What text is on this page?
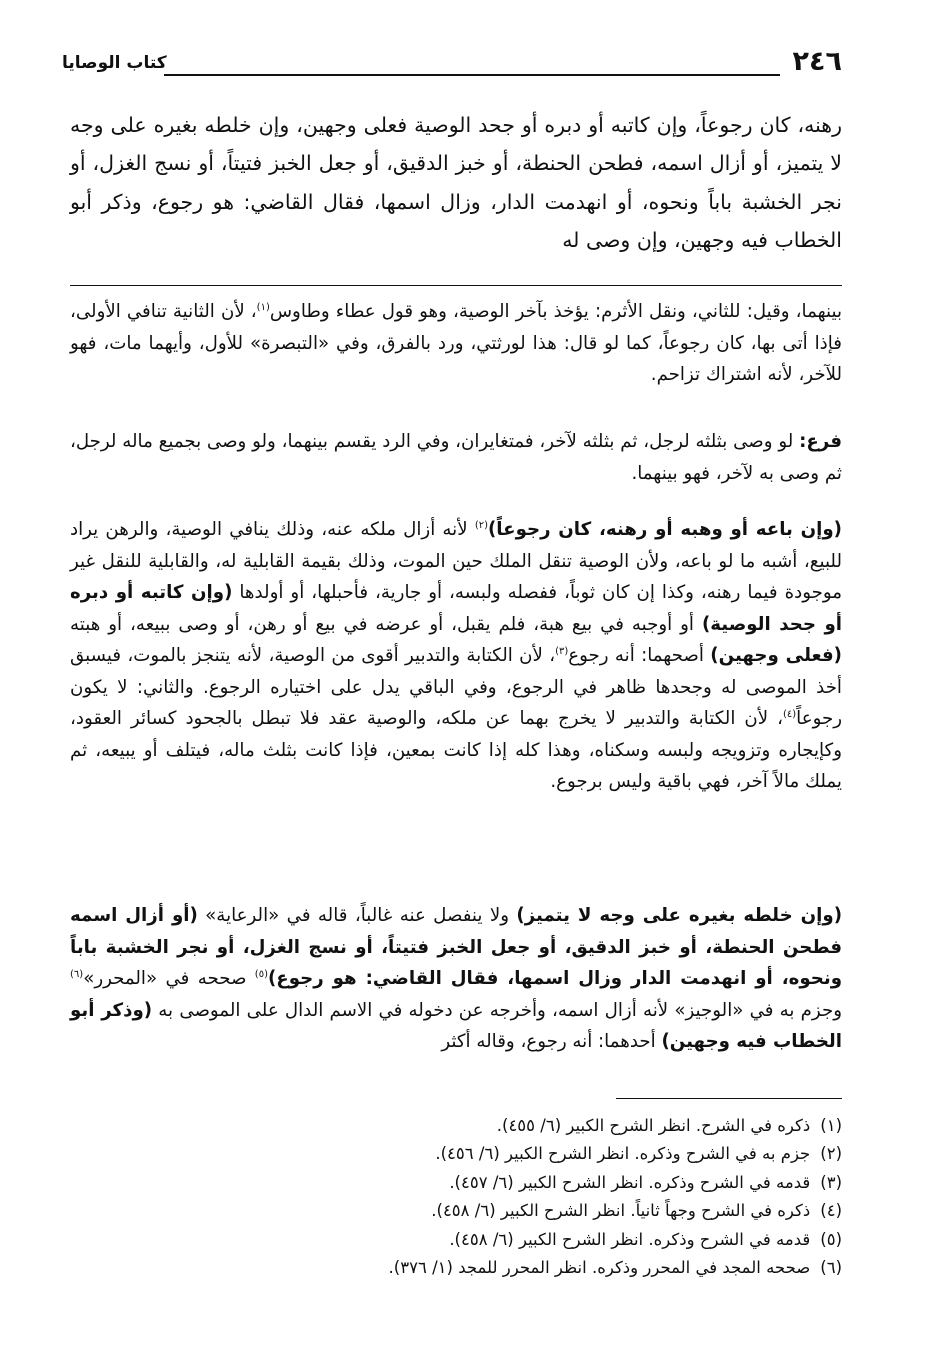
٢٤٦
كتاب الوصايا
رهنه، كان رجوعاً، وإن كاتبه أو دبره أو جحد الوصية فعلى وجهين، وإن خلطه بغيره على وجه لا يتميز، أو أزال اسمه، فطحن الحنطة، أو خبز الدقيق، أو جعل الخبز فتيتاً، أو نسج الغزل، أو نجر الخشبة باباً ونحوه، أو انهدمت الدار، وزال اسمها، فقال القاضي: هو رجوع، وذكر أبو الخطاب فيه وجهين، وإن وصى له

بينهما، وقيل: للثاني، ونقل الأثرم: يؤخذ بآخر الوصية، وهو قول عطاء وطاوس$^{(١)}$، لأن الثانية تنافي الأولى، فإذا أتى بها، كان رجوعاً، كما لو قال: هذا لورثتي، ورد بالفرق، وفي «التبصرة» للأول، وأيهما مات، فهو للآخر، لأنه اشتراك تزاحم.

فرع: لو وصى بثلثه لرجل، ثم بثلثه لآخر، فمتغايران، وفي الرد يقسم بينهما، ولو وصى بجميع ماله لرجل، ثم وصى به لآخر، فهو بينهما.

(وإن باعه أو وهبه أو رهنه، كان رجوعاً)$^{(٢)}$ لأنه أزال ملكه عنه، وذلك ينافي الوصية، والرهن يراد للبيع، أشبه ما لو باعه، ولأن الوصية تنقل الملك حين الموت، وذلك بقيمة القابلية له، والقابلية للنقل غير موجودة فيما رهنه، وكذا إن كان ثوباً، ففصله ولبسه، أو جارية، فأحبلها، أو أولدها (وإن كاتبه أو دبره أو جحد الوصية) أو أوجبه في بيع هبة، فلم يقبل، أو عرضه في بيع أو رهن، أو وصى ببيعه، أو هبته (فعلى وجهين) أصحهما: أنه رجوع$^{(٣)}$، لأن الكتابة والتدبير أقوى من الوصية، لأنه يتنجز بالموت، فيسبق أخذ الموصى له وجحدها ظاهر في الرجوع، وفي الباقي يدل على اختياره الرجوع. والثاني: لا يكون رجوعاً$^{(٤)}$، لأن الكتابة والتدبير لا يخرج بهما عن ملكه، والوصية عقد فلا تبطل بالجحود كسائر العقود، وكإيجاره وتزويجه ولبسه وسكناه، وهذا كله إذا كانت بمعين، فإذا كانت بثلث ماله، فيتلف أو يبيعه، ثم يملك مالاً آخر، فهي باقية وليس برجوع.

(وإن خلطه بغيره على وجه لا يتميز) ولا ينفصل عنه غالباً، قاله في «الرعاية» (أو أزال اسمه فطحن الحنطة، أو خبز الدقيق، أو جعل الخبز فتيتاً، أو نسج الغزل، أو نجر الخشبة باباً ونحوه، أو انهدمت الدار وزال اسمها، فقال القاضي: هو رجوع)$^{(٥)}$ صححه في «المحرر»$^{(٦)}$ وجزم به في «الوجيز» لأنه أزال اسمه، وأخرجه عن دخوله في الاسم الدال على الموصى به (وذكر أبو الخطاب فيه وجهين) أحدهما: أنه رجوع، وقاله أكثر

(١)ذكره في الشرح. انظر الشرح الكبير (٦/ ٤٥٥).
(٢)جزم به في الشرح وذكره. انظر الشرح الكبير (٦/ ٤٥٦).
(٣)قدمه في الشرح وذكره. انظر الشرح الكبير (٦/ ٤٥٧).
(٤)ذكره في الشرح وجهاً ثانياً. انظر الشرح الكبير (٦/ ٤٥٨).
(٥)قدمه في الشرح وذكره. انظر الشرح الكبير (٦/ ٤٥٨).
(٦)صححه المجد في المحرر وذكره. انظر المحرر للمجد (١/ ٣٧٦).
